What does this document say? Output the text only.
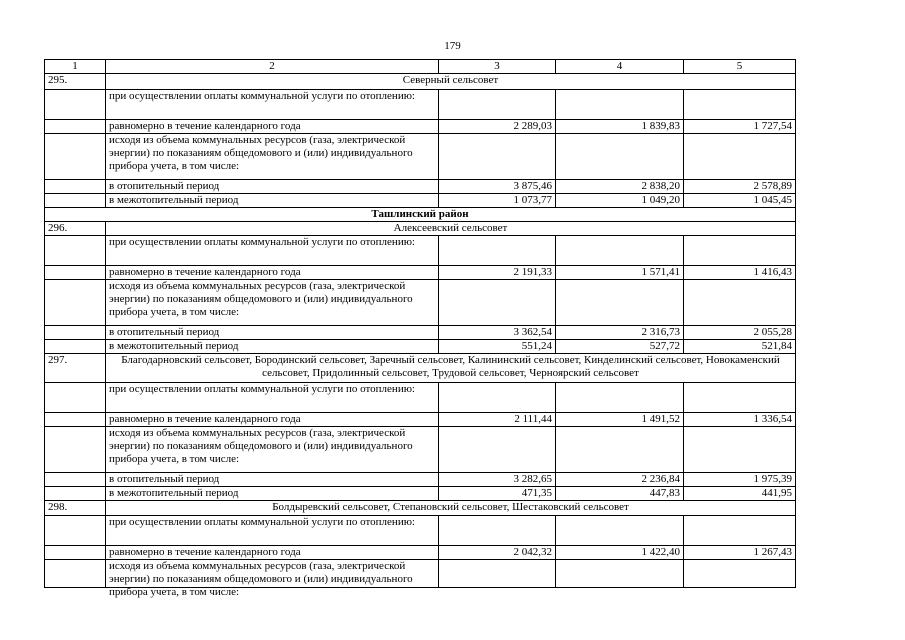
179
1	2	3	4	5
295.	Северный сельсовет			
	при осуществлении оплаты коммунальной услуги по отоплению:			
	равномерно в течение календарного года	2 289,03	1 839,83	1 727,54
	исходя из объема коммунальных ресурсов (газа, электрической энергии) по показаниям общедомового и (или) индивидуального прибора учета, в том числе:			
	в отопительный период	3 875,46	2 838,20	2 578,89
	в межотопительный период	1 073,77	1 049,20	1 045,45
Ташлинский район				
296.	Алексеевский сельсовет			
	при осуществлении оплаты коммунальной услуги по отоплению:			
	равномерно в течение календарного года	2 191,33	1 571,41	1 416,43
	исходя из объема коммунальных ресурсов (газа, электрической энергии) по показаниям общедомового и (или) индивидуального прибора учета, в том числе:			
	в отопительный период	3 362,54	2 316,73	2 055,28
	в межотопительный период	551,24	527,72	521,84
297.	Благодарновский сельсовет, Бородинский сельсовет, Заречный сельсовет, Калининский сельсовет, Кинделинский сельсовет, Новокаменский сельсовет, Придолинный сельсовет, Трудовой сельсовет, Черноярский сельсовет			
	при осуществлении оплаты коммунальной услуги по отоплению:			
	равномерно в течение календарного года	2 111,44	1 491,52	1 336,54
	исходя из объема коммунальных ресурсов (газа, электрической энергии) по показаниям общедомового и (или) индивидуального прибора учета, в том числе:			
	в отопительный период	3 282,65	2 236,84	1 975,39
	в межотопительный период	471,35	447,83	441,95
298.	Болдыревский сельсовет, Степановский сельсовет, Шестаковский сельсовет			
	при осуществлении оплаты коммунальной услуги по отоплению:			
	равномерно в течение календарного года	2 042,32	1 422,40	1 267,43

	исходя из объема коммунальных ресурсов (газа, электрической энергии) по показаниям общедомового и (или) индивидуального прибора учета, в том числе:			
